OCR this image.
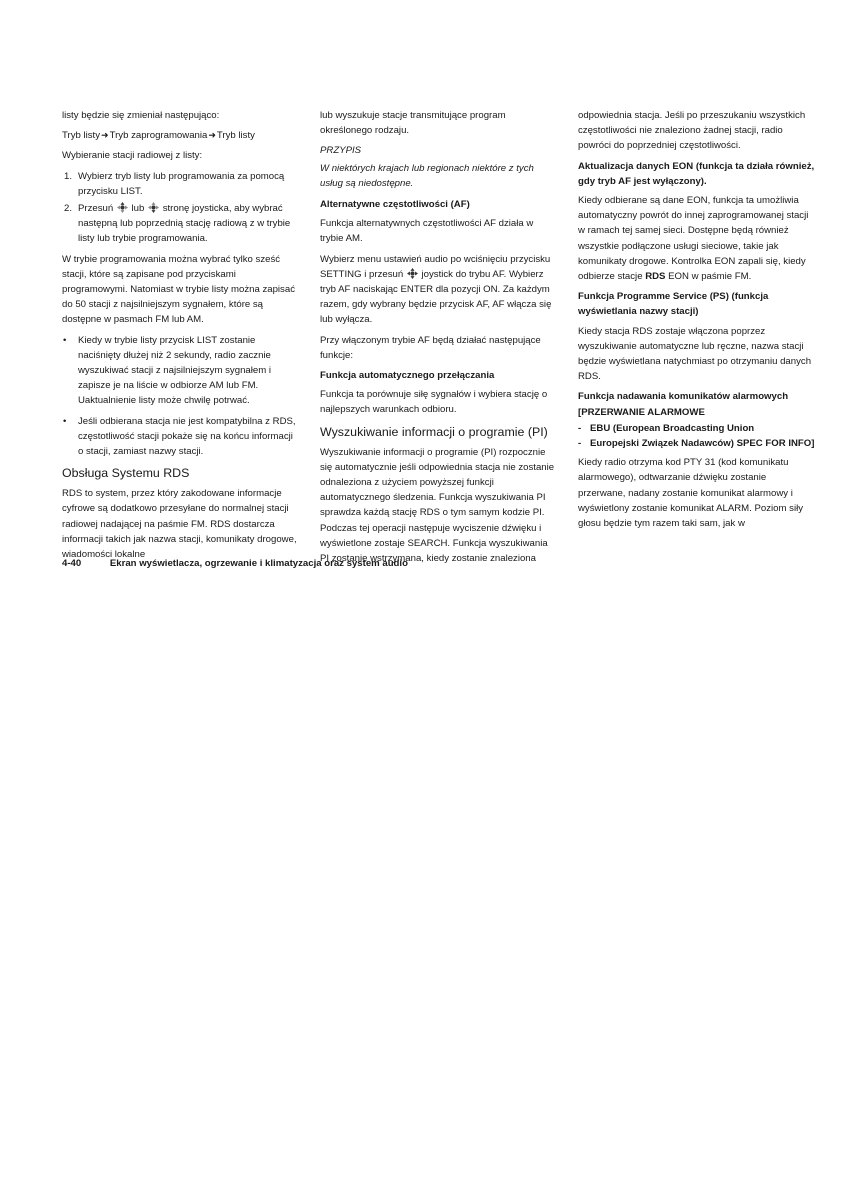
listy będzie się zmieniał następująco:

Tryb listy➜Tryb zaprogramowania➜Tryb listy

Wybieranie stacji radiowej z listy:

1. Wybierz tryb listy lub programowania za pomocą przycisku LIST.
2. Przesuń lub stronę joysticka, aby wybrać następną lub poprzednią stację radiową z w trybie listy lub trybie programowania.

W trybie programowania można wybrać tylko sześć stacji, które są zapisane pod przyciskami programowymi. Natomiast w trybie listy można zapisać do 50 stacji z najsilniejszym sygnałem, które są dostępne w pasmach FM lub AM.

• Kiedy w trybie listy przycisk LIST zostanie naciśnięty dłużej niż 2 sekundy, radio zacznie wyszukiwać stacji z najsilniejszym sygnałem i zapisze je na liście w odbiorze AM lub FM. Uaktualnienie listy może chwilę potrwać.
• Jeśli odbierana stacja nie jest kompatybilna z RDS, częstotliwość stacji pokaże się na końcu informacji o stacji, zamiast nazwy stacji.
Obsługa Systemu RDS

RDS to system, przez który zakodowane informacje cyfrowe są dodatkowo przesyłane do normalnej stacji radiowej nadającej na paśmie FM. RDS dostarcza informacji takich jak nazwa stacji, komunikaty drogowe, wiadomości lokalne

lub wyszukuje stacje transmitujące program określonego rodzaju.

PRZYPIS

W niektórych krajach lub regionach niektóre z tych usług są niedostępne.

Alternatywne częstotliwości (AF)

Funkcja alternatywnych częstotliwości AF działa w trybie AM.

Wybierz menu ustawień audio po wciśnięciu przycisku SETTING i przesuń joystick do trybu AF. Wybierz tryb AF naciskając ENTER dla pozycji ON. Za każdym razem, gdy wybrany będzie przycisk AF, AF włącza się lub wyłącza.

Przy włączonym trybie AF będą działać następujące funkcje:

Funkcja automatycznego przełączania

Funkcja ta porównuje siłę sygnałów i wybiera stację o najlepszych warunkach odbioru.

Wyszukiwanie informacji o programie (PI)

Wyszukiwanie informacji o programie (PI) rozpocznie się automatycznie jeśli odpowiednia stacja nie zostanie odnaleziona z użyciem powyższej funkcji automatycznego śledzenia. Funkcja wyszukiwania PI sprawdza każdą stację RDS o tym samym kodzie PI. Podczas tej operacji następuje wyciszenie dźwięku i wyświetlone zostaje SEARCH. Funkcja wyszukiwania PI zostanie wstrzymana, kiedy zostanie znaleziona

odpowiednia stacja. Jeśli po przeszukaniu wszystkich częstotliwości nie znaleziono żadnej stacji, radio powróci do poprzedniej częstotliwości.

Aktualizacja danych EON (funkcja ta działa również, gdy tryb AF jest wyłączony).

Kiedy odbierane są dane EON, funkcja ta umożliwia automatyczny powrót do innej zaprogramowanej stacji w ramach tej samej sieci. Dostępne będą również wszystkie podłączone usługi sieciowe, takie jak komunikaty drogowe. Kontrolka EON zapali się, kiedy odbierze stacje RDS EON w paśmie FM.

Funkcja Programme Service (PS) (funkcja wyświetlania nazwy stacji)

Kiedy stacja RDS zostaje włączona poprzez wyszukiwanie automatyczne lub ręczne, nazwa stacji będzie wyświetlana natychmiast po otrzymaniu danych RDS.

Funkcja nadawania komunikatów alarmowych [PRZERWANIE ALARMOWE
- EBU (European Broadcasting Union
- Europejski Związek Nadawców) SPEC FOR INFO]

Kiedy radio otrzyma kod PTY 31 (kod komunikatu alarmowego), odtwarzanie dźwięku zostanie przerwane, nadany zostanie komunikat alarmowy i wyświetlony zostanie komunikat ALARM. Poziom siły głosu będzie tym razem taki sam, jak w

4-40	Ekran wyświetlacza, ogrzewanie i klimatyzacja oraz system audio
